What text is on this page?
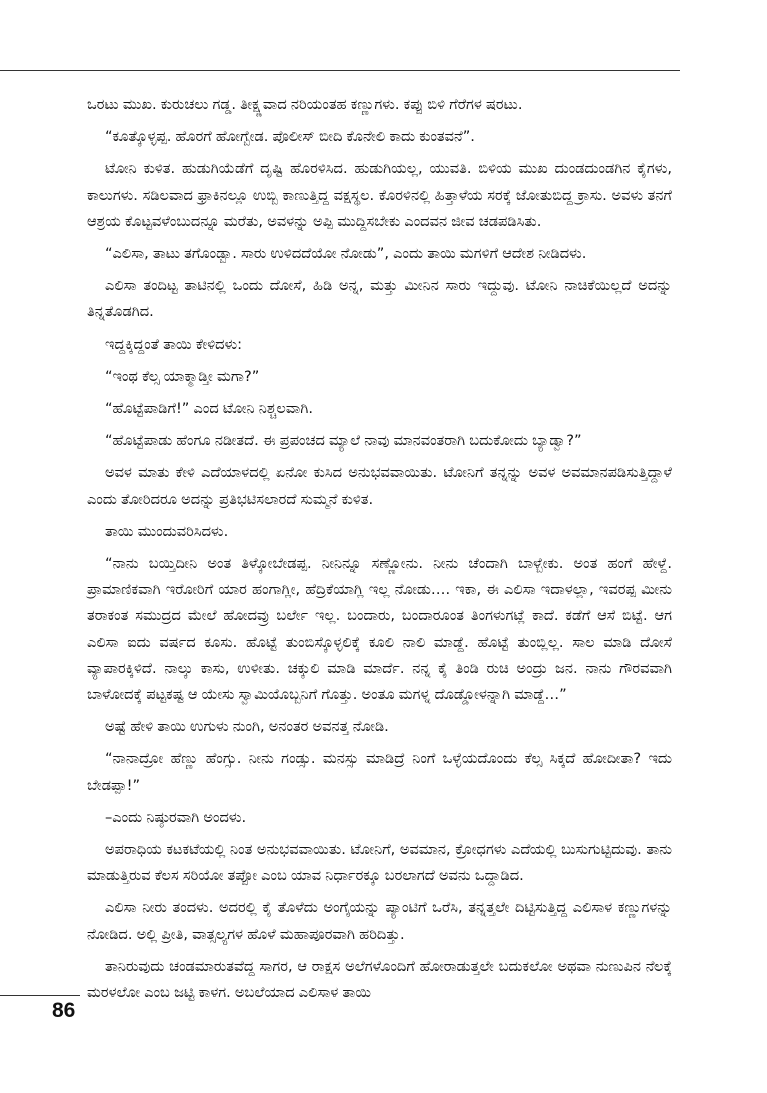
ಒರಟು ಮುಖ. ಕುರುಚಲು ಗಡ್ಡ. ತೀಕ್ಷ್ಣವಾದ ನರಿಯಂತಹ ಕಣ್ಣುಗಳು. ಕಪ್ಪು ಬಿಳಿ ಗೆರೆಗಳ ಷರಟು.

“ಕೂತ್ಕೊಳ್ಳಪ್ಪ. ಹೊರಗೆ ಹೋಗ್ಬೇಡ. ಪೊಲೀಸ್ ಬೀದಿ ಕೊನೇಲಿ ಕಾದು ಕುಂತವನೆ”.

ಟೋನಿ ಕುಳಿತ. ಹುಡುಗಿಯೆಡೆಗೆ ದೃಷ್ಟಿ ಹೊರಳಿಸಿದ. ಹುಡುಗಿಯಲ್ಲ, ಯುವತಿ. ಬಿಳಿಯ ಮುಖ ದುಂಡದುಂಡಗಿನ ಕೈಗಳು, ಕಾಲುಗಳು. ಸಡಿಲವಾದ ಫ್ರಾಕಿನಲ್ಲೂ ಉಬ್ಬಿ ಕಾಣುತ್ತಿದ್ದ ವಕ್ಷಸ್ಥಲ. ಕೊರಳಿನಲ್ಲಿ ಹಿತ್ತಾಳೆಯ ಸರಕ್ಕೆ ಜೋತುಬಿದ್ದ ಕ್ರಾಸು. ಅವಳು ತನಗೆ ಆಶ್ರಯ ಕೊಟ್ಟವಳೆಂಬುದನ್ನೂ ಮರೆತು, ಅವಳನ್ನು ಅಪ್ಪಿ ಮುದ್ದಿಸಬೇಕು ಎಂದವನ ಜೀವ ಚಡಪಡಿಸಿತು.

“ಎಲಿಸಾ, ತಾಟು ತಗೊಂಡ್ಬಾ. ಸಾರು ಉಳಿದದೆಯೋ ನೋಡು”, ಎಂದು ತಾಯಿ ಮಗಳಿಗೆ ಆದೇಶ ನೀಡಿದಳು.

ಎಲಿಸಾ ತಂದಿಟ್ಟ ತಾಟಿನಲ್ಲಿ ಒಂದು ದೋಸೆ, ಹಿಡಿ ಅನ್ನ, ಮತ್ತು ಮೀನಿನ ಸಾರು ಇದ್ದುವು. ಟೋನಿ ನಾಚಿಕೆಯಿಲ್ಲದೆ ಅದನ್ನು ತಿನ್ನತೊಡಗಿದ.

ಇದ್ದಕ್ಕಿದ್ದಂತೆ ತಾಯಿ ಕೇಳಿದಳು:

“ಇಂಥ ಕೆಲ್ಸ ಯಾಕ್ಮಾಡ್ತೀ ಮಗಾ?”

“ಹೊಟ್ಟೆಪಾಡಿಗೆ!” ಎಂದ ಟೋನಿ ನಿಶ್ಚಲವಾಗಿ.

“ಹೊಟ್ಟೆಪಾಡು ಹೆಂಗೂ ನಡೀತದೆ. ಈ ಪ್ರಪಂಚದ ಮ್ಯಾಲೆ ನಾವು ಮಾನವಂತರಾಗಿ ಬದುಕೋದು ಬ್ಯಾಡ್ವಾ?”

ಅವಳ ಮಾತು ಕೇಳಿ ಎದೆಯಾಳದಲ್ಲಿ ಏನೋ ಕುಸಿದ ಅನುಭವವಾಯಿತು. ಟೋನಿಗೆ ತನ್ನನ್ನು ಅವಳ ಅವಮಾನಪಡಿಸುತ್ತಿದ್ದಾಳೆ ಎಂದು ತೋರಿದರೂ ಅದನ್ನು ಪ್ರತಿಭಟಿಸಲಾರದೆ ಸುಮ್ಮನೆ ಕುಳಿತ.

ತಾಯಿ ಮುಂದುವರಿಸಿದಳು.

“ನಾನು ಬಯ್ತಿದೀನಿ ಅಂತ ತಿಳ್ಕೋಬೇಡಪ್ಪ. ನೀನಿನ್ನೂ ಸಣ್ಣೋನು. ನೀನು ಚೆಂದಾಗಿ ಬಾಳ್ಬೇಕು. ಅಂತ ಹಂಗೆ ಹೇಳ್ದೆ. ಪ್ರಾಮಾಣಿಕವಾಗಿ ಇರೋರಿಗೆ ಯಾರ ಹಂಗಾಗ್ಲೀ, ಹೆದ್ರಿಕೆಯಾಗ್ಲಿ ಇಲ್ಲ ನೋಡು…. ಇಕಾ, ಈ ಎಲಿಸಾ ಇದಾಳಲ್ಲಾ, ಇವರಪ್ಪ ಮೀನು ತರಾಕಂತ ಸಮುದ್ರದ ಮೇಲೆ ಹೋದವ್ರು ಬರ್ಲೇ ಇಲ್ಲ. ಬಂದಾರು, ಬಂದಾರೂಂತ ತಿಂಗಳುಗಟ್ಲೆ ಕಾದೆ. ಕಡೆಗೆ ಆಸೆ ಬಿಟ್ಟೆ. ಆಗ ಎಲಿಸಾ ಐದು ವರ್ಷದ ಕೂಸು. ಹೊಟ್ಟೆ ತುಂಬಿಸ್ಕೊಳ್ಳಲಿಕ್ಕೆ ಕೂಲಿ ನಾಲಿ ಮಾಡ್ದೆ. ಹೊಟ್ಟೆ ತುಂಬ್ಲಿಲ್ಲ. ಸಾಲ ಮಾಡಿ ದೋಸೆ ವ್ಯಾಪಾರಕ್ಕಿಳಿದೆ. ನಾಲ್ಕು ಕಾಸು, ಉಳೀತು. ಚಕ್ಕುಲಿ ಮಾಡಿ ಮಾರ್ದೆ. ನನ್ನ ಕೈ ತಿಂಡಿ ರುಚಿ ಅಂದ್ರು ಜನ. ನಾನು ಗೌರವವಾಗಿ ಬಾಳೋದಕ್ಕೆ ಪಟ್ಟಕಷ್ಟ ಆ ಯೇಸು ಸ್ವಾಮಿಯೊಬ್ಬನಿಗೆ ಗೊತ್ತು. ಅಂತೂ ಮಗಳ್ನ ದೊಡ್ಡೋಳನ್ನಾಗಿ ಮಾಡ್ದೆ…”

ಅಷ್ಟೆ ಹೇಳಿ ತಾಯಿ ಉಗುಳು ನುಂಗಿ, ಅನಂತರ ಅವನತ್ತ ನೋಡಿ.

“ನಾನಾದ್ರೋ ಹೆಣ್ಣು ಹೆಂಗ್ಸು. ನೀನು ಗಂಡ್ಸು. ಮನಸ್ಸು ಮಾಡಿದ್ರೆ ನಿಂಗೆ ಒಳ್ಳೆಯದೊಂದು ಕೆಲ್ಸ ಸಿಕ್ಕದೆ ಹೋದೀತಾ? ಇದು ಬೇಡಪ್ಪಾ!”

–ಎಂದು ನಿಷ್ಠುರವಾಗಿ ಅಂದಳು.

ಅಪರಾಧಿಯ ಕಟಕಟೆಯಲ್ಲಿ ನಿಂತ ಅನುಭವವಾಯಿತು. ಟೋನಿಗೆ, ಅವಮಾನ, ಕ್ರೋಧಗಳು ಎದೆಯಲ್ಲಿ ಬುಸುಗುಟ್ಟಿದುವು. ತಾನು ಮಾಡುತ್ತಿರುವ ಕೆಲಸ ಸರಿಯೋ ತಪ್ಪೋ ಎಂಬ ಯಾವ ನಿರ್ಧಾರಕ್ಕೂ ಬರಲಾಗದೆ ಅವನು ಒದ್ದಾಡಿದ.

ಎಲಿಸಾ ನೀರು ತಂದಳು. ಅದರಲ್ಲಿ ಕೈ ತೊಳೆದು ಅಂಗೈಯನ್ನು ಪ್ಯಾಂಟಿಗೆ ಒರೆಸಿ, ತನ್ನತ್ತಲೇ ದಿಟ್ಟಿಸುತ್ತಿದ್ದ ಎಲಿಸಾಳ ಕಣ್ಣುಗಳನ್ನು ನೋಡಿದ. ಅಲ್ಲಿ ಪ್ರೀತಿ, ವಾತ್ಸಲ್ಯಗಳ ಹೊಳೆ ಮಹಾಪೂರವಾಗಿ ಹರಿದಿತ್ತು.

ತಾನಿರುವುದು ಚಂಡಮಾರುತವೆದ್ದ ಸಾಗರ, ಆ ರಾಕ್ಷಸ ಅಲೆಗಳೊಂದಿಗೆ ಹೋರಾಡುತ್ತಲೇ ಬದುಕಲೋ ಅಥವಾ ನುಣುಪಿನ ನೆಲಕ್ಕೆ ಮರಳಲೋ ಎಂಬ ಜಟ್ಟಿ ಕಾಳಗ. ಅಬಲೆಯಾದ ಎಲಿಸಾಳ ತಾಯಿ

86
